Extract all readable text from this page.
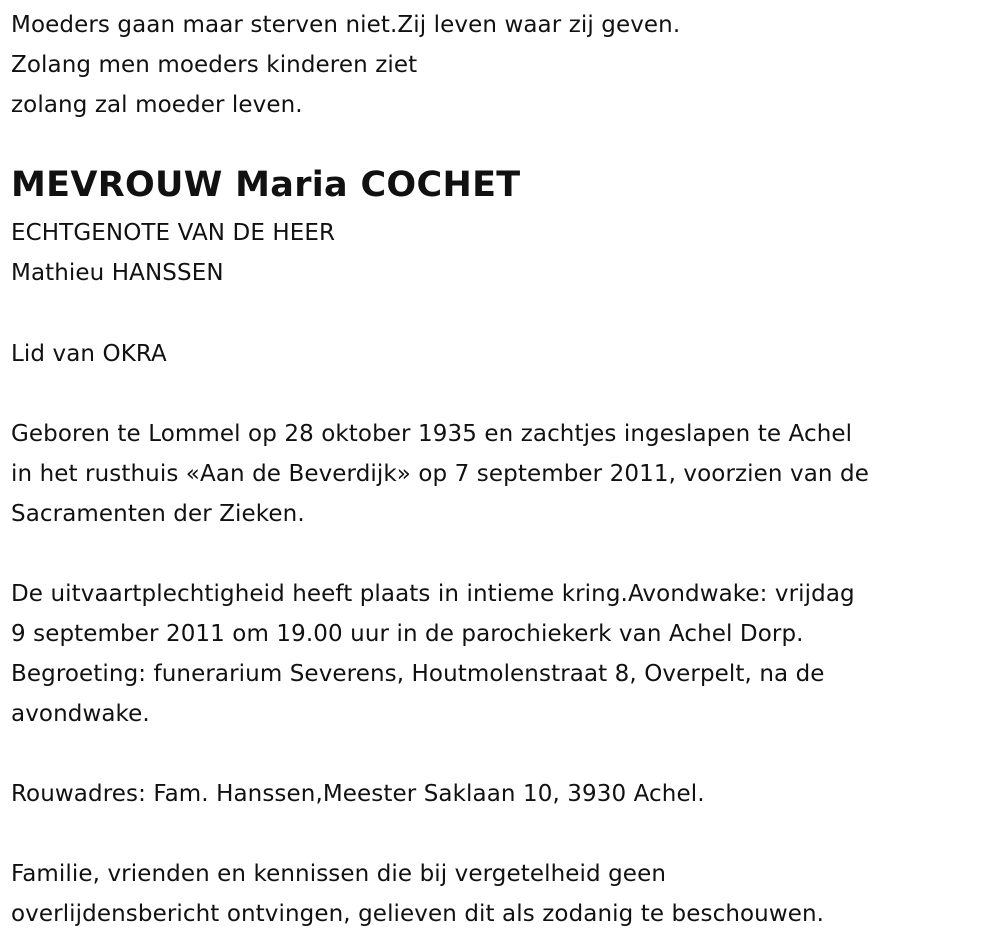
Moeders gaan maar sterven niet.Zij leven waar zij geven.
Zolang men moeders kinderen ziet
zolang zal moeder leven.
MEVROUW Maria COCHET
ECHTGENOTE VAN DE HEER
Mathieu HANSSEN
Lid van OKRA
Geboren te Lommel op 28 oktober 1935 en zachtjes ingeslapen te Achel
in het rusthuis «Aan de Beverdijk» op 7 september 2011, voorzien van de
Sacramenten der Zieken.
De uitvaartplechtigheid heeft plaats in intieme kring.Avondwake: vrijdag
9 september 2011 om 19.00 uur in de parochiekerk van Achel Dorp.
Begroeting: funerarium Severens, Houtmolenstraat 8, Overpelt, na de
avondwake.
Rouwadres: Fam. Hanssen,Meester Saklaan 10, 3930 Achel.
Familie, vrienden en kennissen die bij vergetelheid geen
overlijdensbericht ontvingen, gelieven dit als zodanig te beschouwen.
